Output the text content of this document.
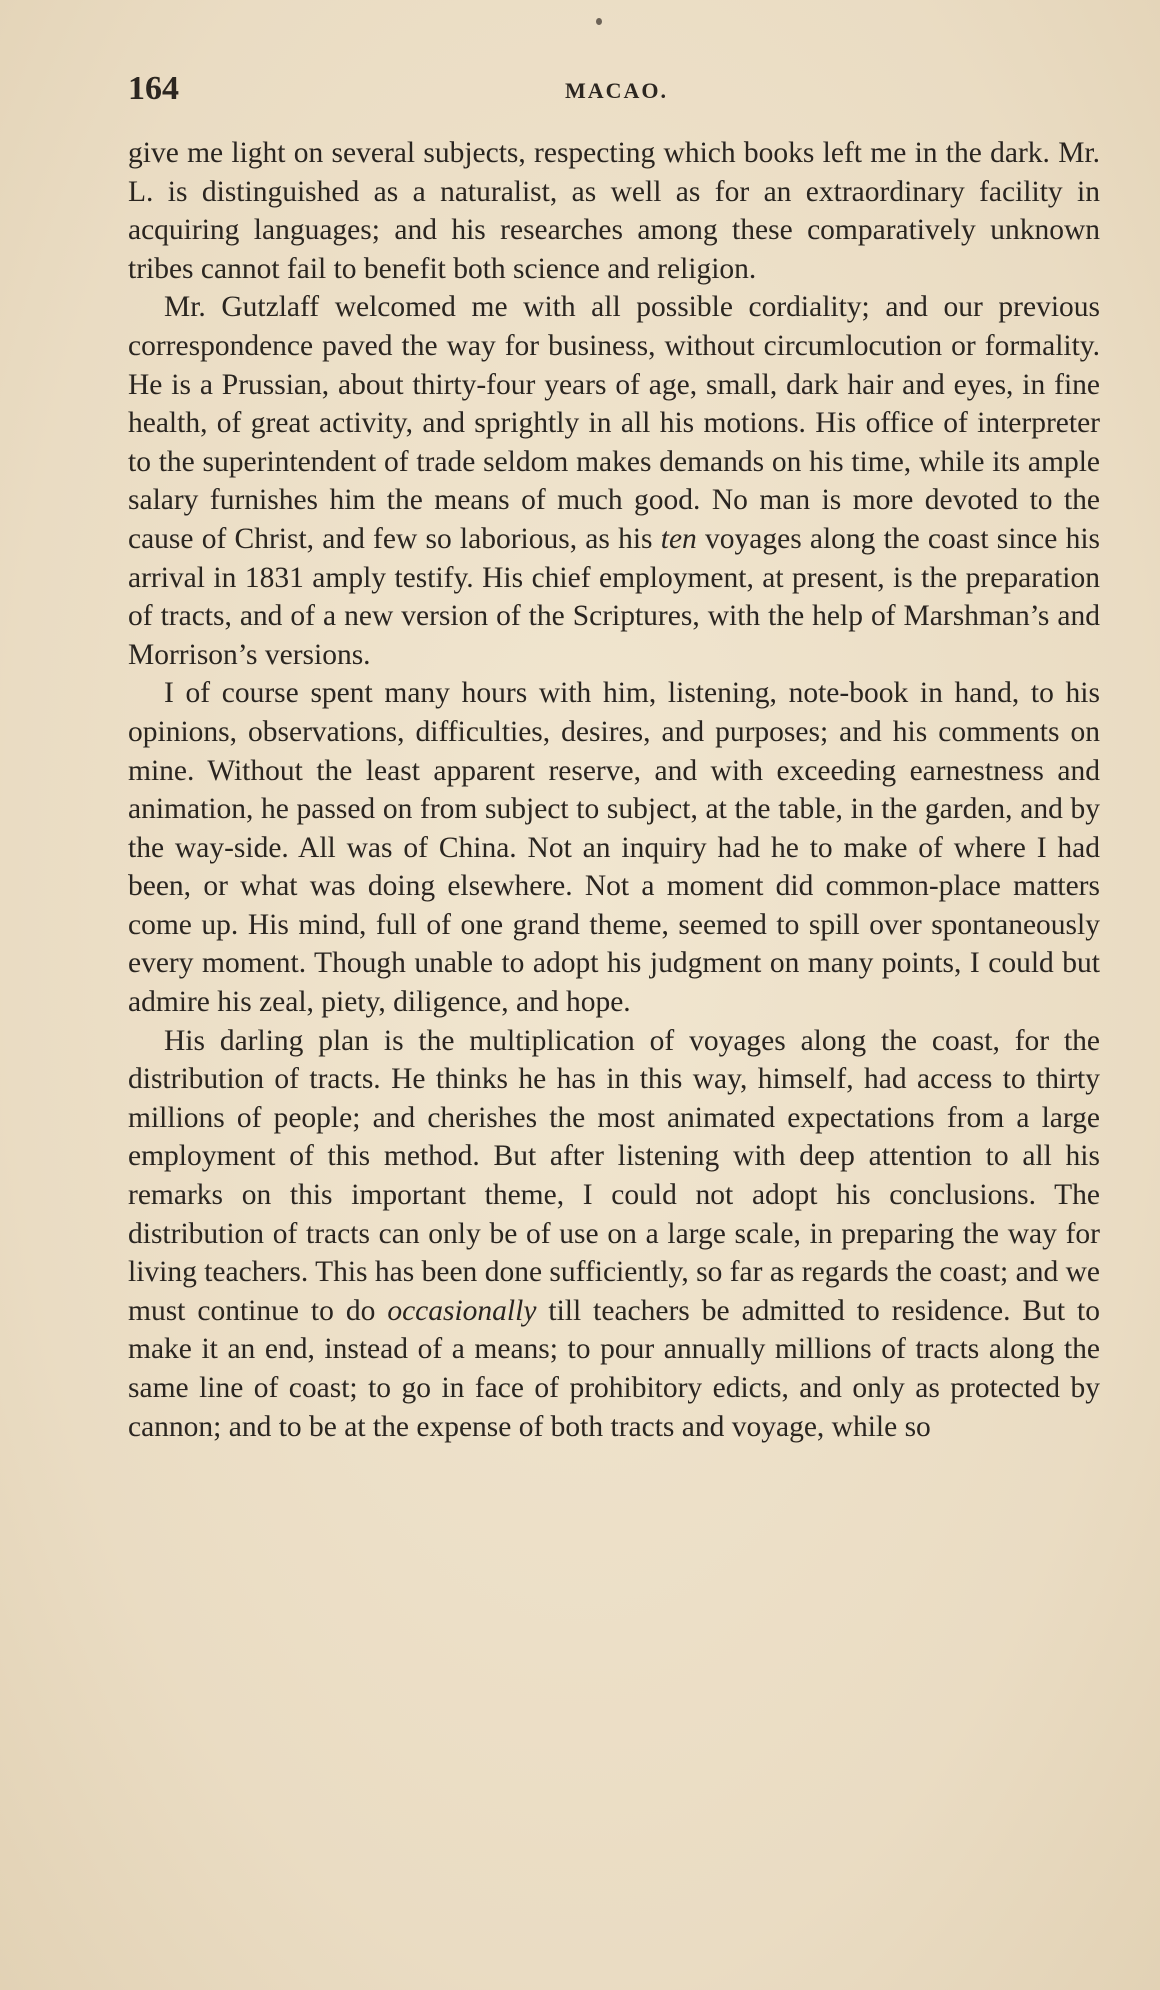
164	MACAO.

give me light on several subjects, respecting which books left me in the dark. Mr. L. is distinguished as a naturalist, as well as for an extraordinary facility in acquiring languages; and his researches among these comparatively unknown tribes cannot fail to benefit both science and religion.

Mr. Gutzlaff welcomed me with all possible cordiality; and our previous correspondence paved the way for business, without circumlocution or formality. He is a Prussian, about thirty-four years of age, small, dark hair and eyes, in fine health, of great activity, and sprightly in all his motions. His office of interpreter to the superintendent of trade seldom makes demands on his time, while its ample salary furnishes him the means of much good. No man is more devoted to the cause of Christ, and few so laborious, as his ten voyages along the coast since his arrival in 1831 amply testify. His chief employment, at present, is the preparation of tracts, and of a new version of the Scriptures, with the help of Marshman’s and Morrison’s versions.

I of course spent many hours with him, listening, note-book in hand, to his opinions, observations, difficulties, desires, and purposes; and his comments on mine. Without the least apparent reserve, and with exceeding earnestness and animation, he passed on from subject to subject, at the table, in the garden, and by the way-side. All was of China. Not an inquiry had he to make of where I had been, or what was doing elsewhere. Not a moment did common-place matters come up. His mind, full of one grand theme, seemed to spill over spontaneously every moment. Though unable to adopt his judgment on many points, I could but admire his zeal, piety, diligence, and hope.

His darling plan is the multiplication of voyages along the coast, for the distribution of tracts. He thinks he has in this way, himself, had access to thirty millions of people; and cherishes the most animated expectations from a large employment of this method. But after listening with deep attention to all his remarks on this important theme, I could not adopt his conclusions. The distribution of tracts can only be of use on a large scale, in preparing the way for living teachers. This has been done sufficiently, so far as regards the coast; and we must continue to do occasionally till teachers be admitted to residence. But to make it an end, instead of a means; to pour annually millions of tracts along the same line of coast; to go in face of prohibitory edicts, and only as protected by cannon; and to be at the expense of both tracts and voyage, while so
